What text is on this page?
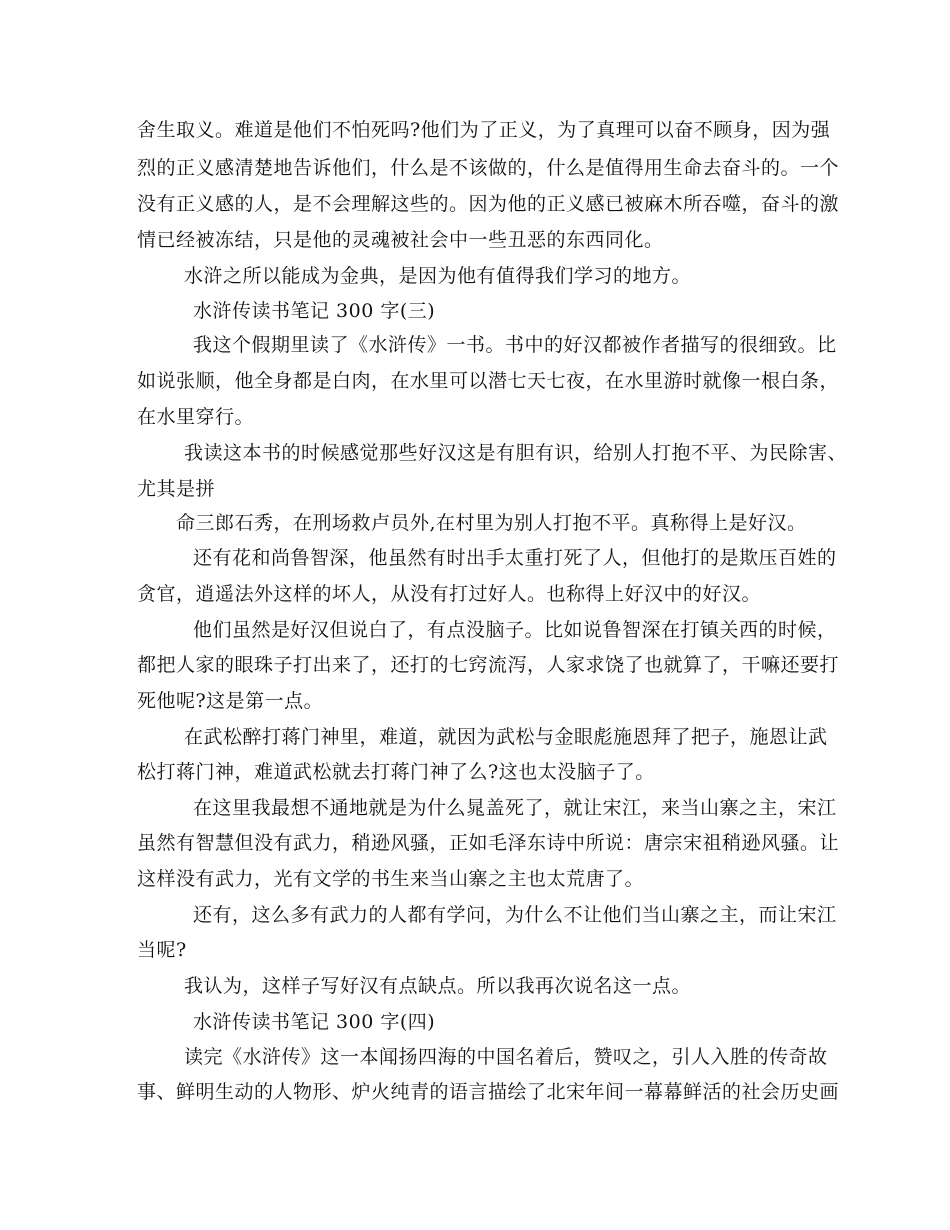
舍生取义。难道是他们不怕死吗?他们为了正义，为了真理可以奋不顾身，因为强
烈的正义感清楚地告诉他们，什么是不该做的，什么是值得用生命去奋斗的。一个
没有正义感的人，是不会理解这些的。因为他的正义感已被麻木所吞噬，奋斗的激
情已经被冻结，只是他的灵魂被社会中一些丑恶的东西同化。
水浒之所以能成为金典，是因为他有值得我们学习的地方。
水浒传读书笔记 300 字(三)
我这个假期里读了《水浒传》一书。书中的好汉都被作者描写的很细致。比
如说张顺，他全身都是白肉，在水里可以潜七天七夜，在水里游时就像一根白条，
在水里穿行。
我读这本书的时候感觉那些好汉这是有胆有识，给别人打抱不平、为民除害、
尤其是拼
命三郎石秀，在刑场救卢员外,在村里为别人打抱不平。真称得上是好汉。
还有花和尚鲁智深，他虽然有时出手太重打死了人，但他打的是欺压百姓的
贪官，逍遥法外这样的坏人，从没有打过好人。也称得上好汉中的好汉。
他们虽然是好汉但说白了，有点没脑子。比如说鲁智深在打镇关西的时候，
都把人家的眼珠子打出来了，还打的七窍流泻，人家求饶了也就算了，干嘛还要打
死他呢?这是第一点。
在武松醉打蒋门神里，难道，就因为武松与金眼彪施恩拜了把子，施恩让武
松打蒋门神，难道武松就去打蒋门神了么?这也太没脑子了。
在这里我最想不通地就是为什么晁盖死了，就让宋江，来当山寨之主，宋江
虽然有智慧但没有武力，稍逊风骚，正如毛泽东诗中所说：唐宗宋祖稍逊风骚。让
这样没有武力，光有文学的书生来当山寨之主也太荒唐了。
还有，这么多有武力的人都有学问，为什么不让他们当山寨之主，而让宋江
当呢?
我认为，这样子写好汉有点缺点。所以我再次说名这一点。
水浒传读书笔记 300 字(四)
读完《水浒传》这一本闻扬四海的中国名着后，赞叹之，引人入胜的传奇故
事、鲜明生动的人物形、炉火纯青的语言描绘了北宋年间一幕幕鲜活的社会历史画
